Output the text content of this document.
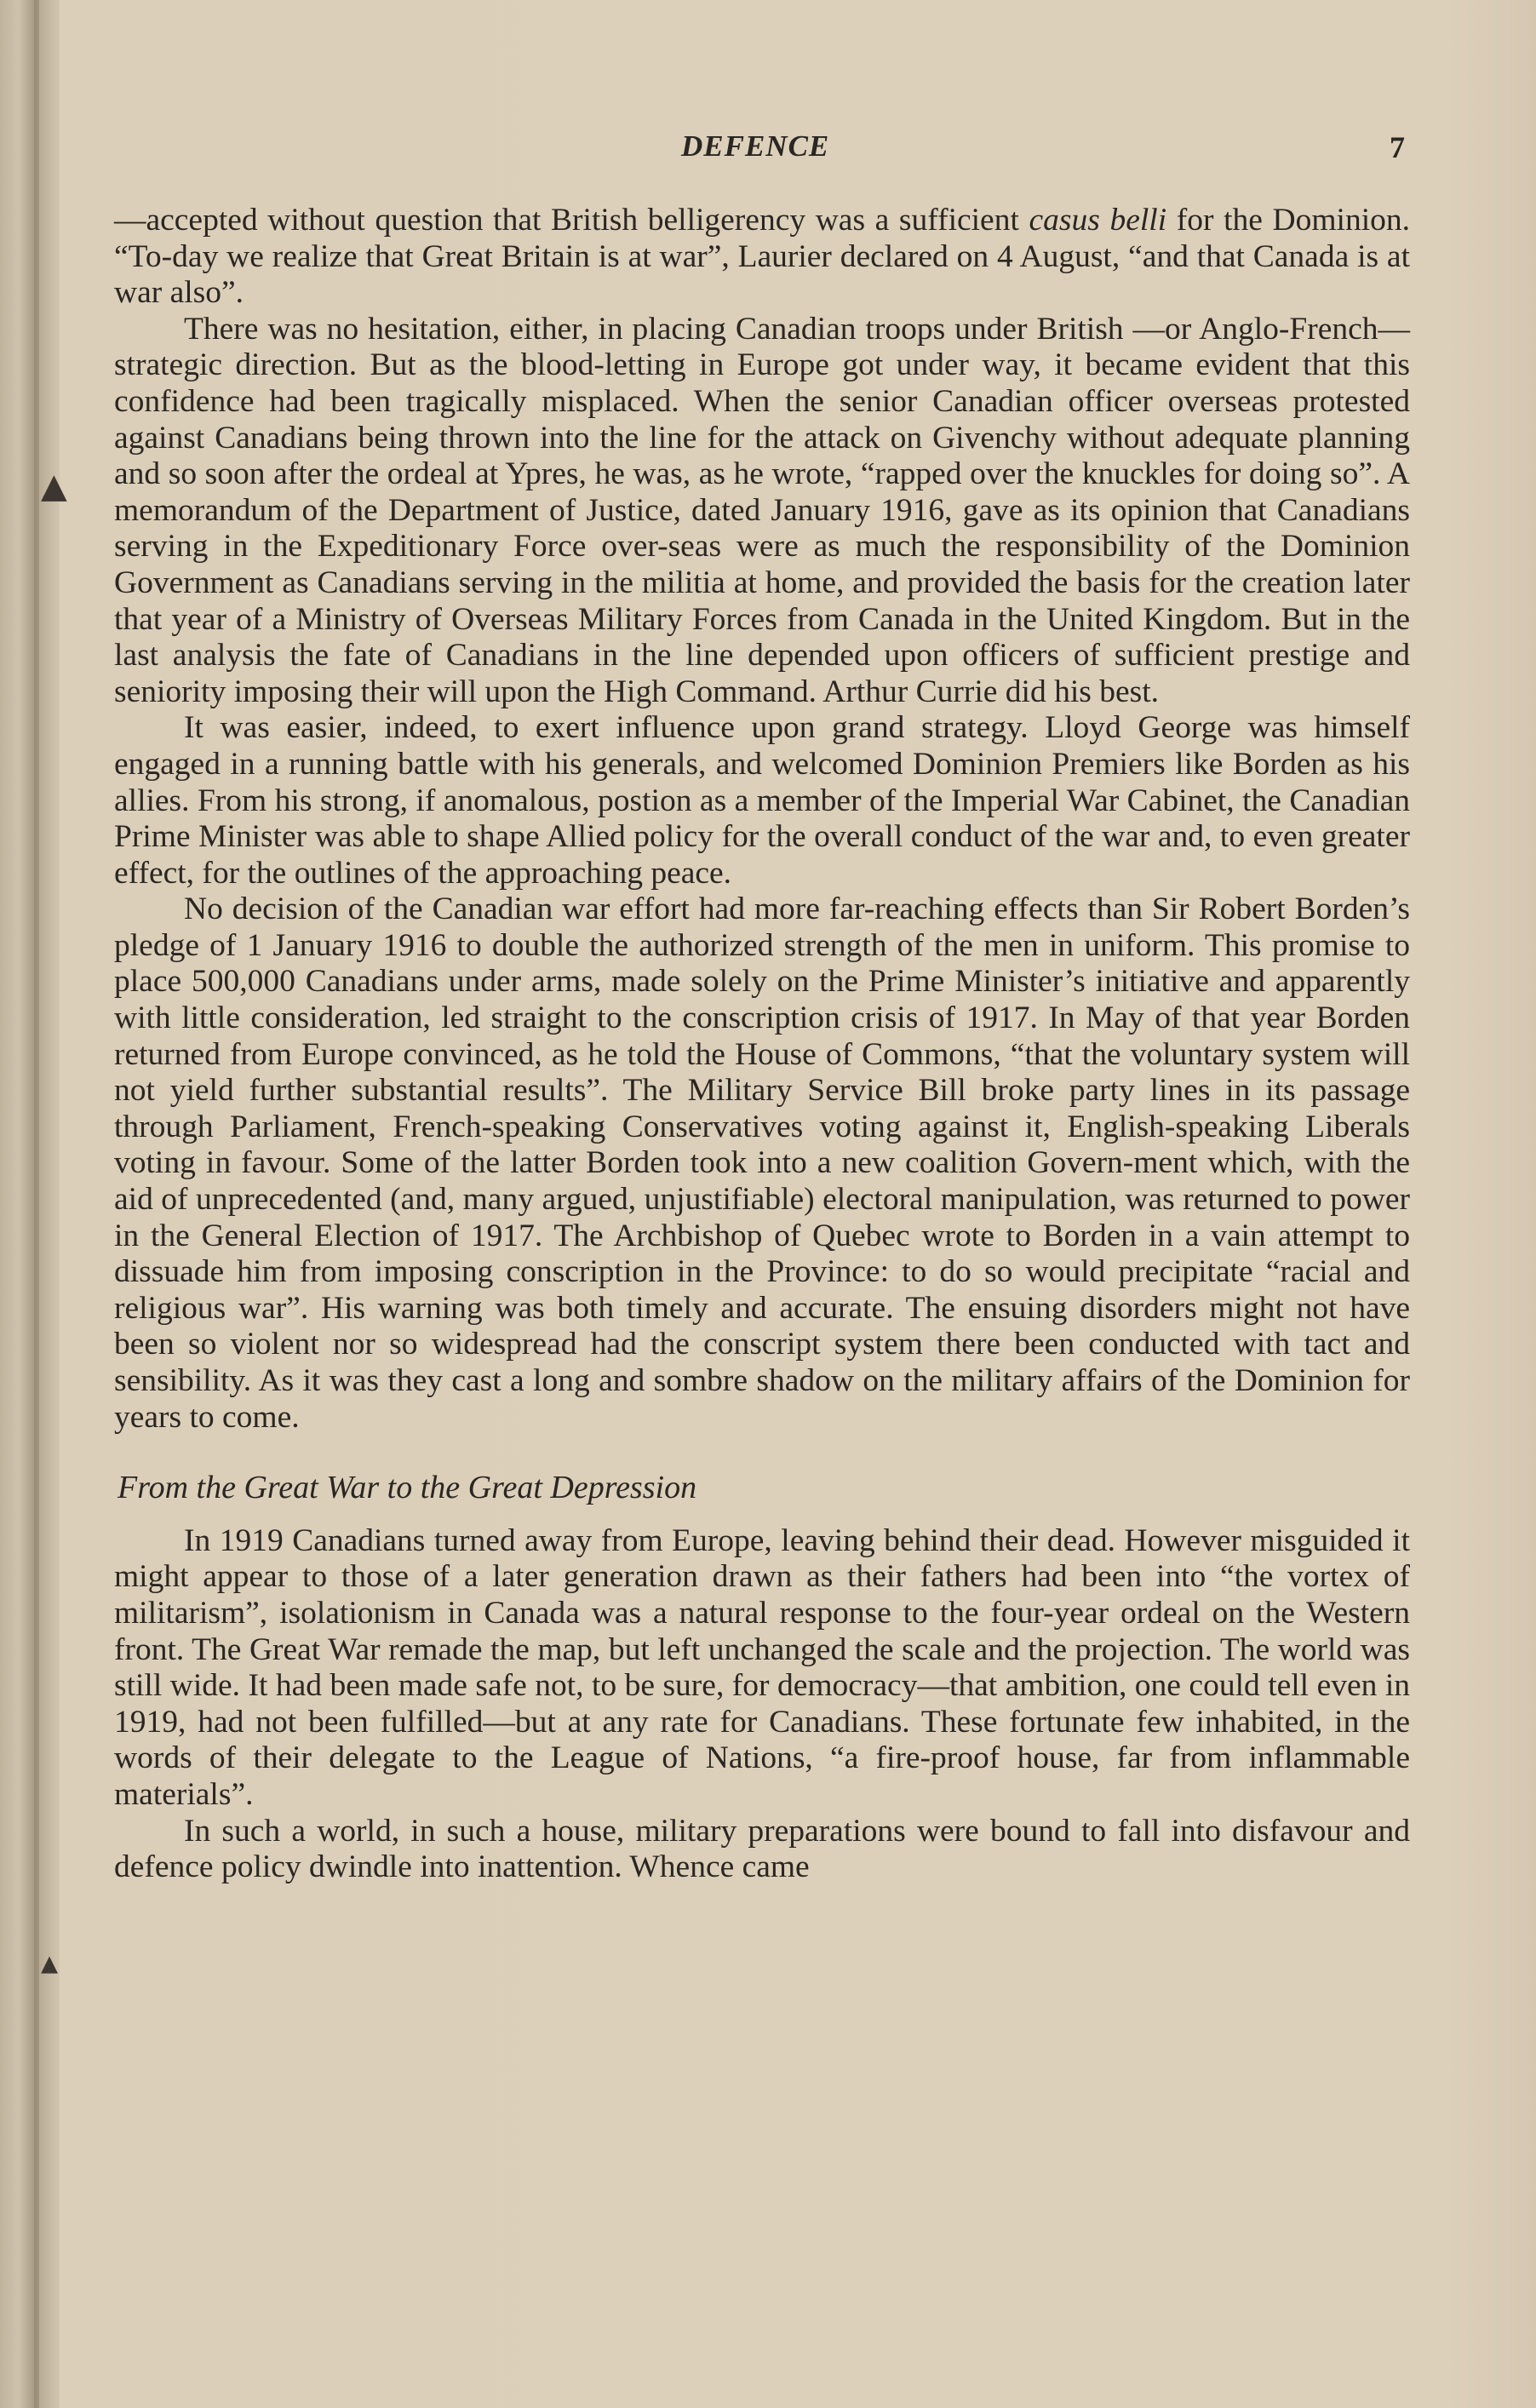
▲
▴
DEFENCE	7

—accepted without question that British belligerency was a sufficient casus belli for the Dominion. “To-day we realize that Great Britain is at war”, Laurier declared on 4 August, “and that Canada is at war also”.

There was no hesitation, either, in placing Canadian troops under British —or Anglo-French—strategic direction. But as the blood-letting in Europe got under way, it became evident that this confidence had been tragically misplaced. When the senior Canadian officer overseas protested against Canadians being thrown into the line for the attack on Givenchy without adequate planning and so soon after the ordeal at Ypres, he was, as he wrote, “rapped over the knuckles for doing so”. A memorandum of the Department of Justice, dated January 1916, gave as its opinion that Canadians serving in the Expeditionary Force over-seas were as much the responsibility of the Dominion Government as Canadians serving in the militia at home, and provided the basis for the creation later that year of a Ministry of Overseas Military Forces from Canada in the United Kingdom. But in the last analysis the fate of Canadians in the line depended upon officers of sufficient prestige and seniority imposing their will upon the High Command. Arthur Currie did his best.

It was easier, indeed, to exert influence upon grand strategy. Lloyd George was himself engaged in a running battle with his generals, and welcomed Dominion Premiers like Borden as his allies. From his strong, if anomalous, postion as a member of the Imperial War Cabinet, the Canadian Prime Minister was able to shape Allied policy for the overall conduct of the war and, to even greater effect, for the outlines of the approaching peace.

No decision of the Canadian war effort had more far-reaching effects than Sir Robert Borden’s pledge of 1 January 1916 to double the authorized strength of the men in uniform. This promise to place 500,000 Canadians under arms, made solely on the Prime Minister’s initiative and apparently with little consideration, led straight to the conscription crisis of 1917. In May of that year Borden returned from Europe convinced, as he told the House of Commons, “that the voluntary system will not yield further substantial results”. The Military Service Bill broke party lines in its passage through Parliament, French-speaking Conservatives voting against it, English-speaking Liberals voting in favour. Some of the latter Borden took into a new coalition Govern-ment which, with the aid of unprecedented (and, many argued, unjustifiable) electoral manipulation, was returned to power in the General Election of 1917. The Archbishop of Quebec wrote to Borden in a vain attempt to dissuade him from imposing conscription in the Province: to do so would precipitate “racial and religious war”. His warning was both timely and accurate. The ensuing disorders might not have been so violent nor so widespread had the conscript system there been conducted with tact and sensibility. As it was they cast a long and sombre shadow on the military affairs of the Dominion for years to come.

From the Great War to the Great Depression

In 1919 Canadians turned away from Europe, leaving behind their dead. However misguided it might appear to those of a later generation drawn as their fathers had been into “the vortex of militarism”, isolationism in Canada was a natural response to the four-year ordeal on the Western front. The Great War remade the map, but left unchanged the scale and the projection. The world was still wide. It had been made safe not, to be sure, for democracy—that ambition, one could tell even in 1919, had not been fulfilled—but at any rate for Canadians. These fortunate few inhabited, in the words of their delegate to the League of Nations, “a fire-proof house, far from inflammable materials”.

In such a world, in such a house, military preparations were bound to fall into disfavour and defence policy dwindle into inattention. Whence came
